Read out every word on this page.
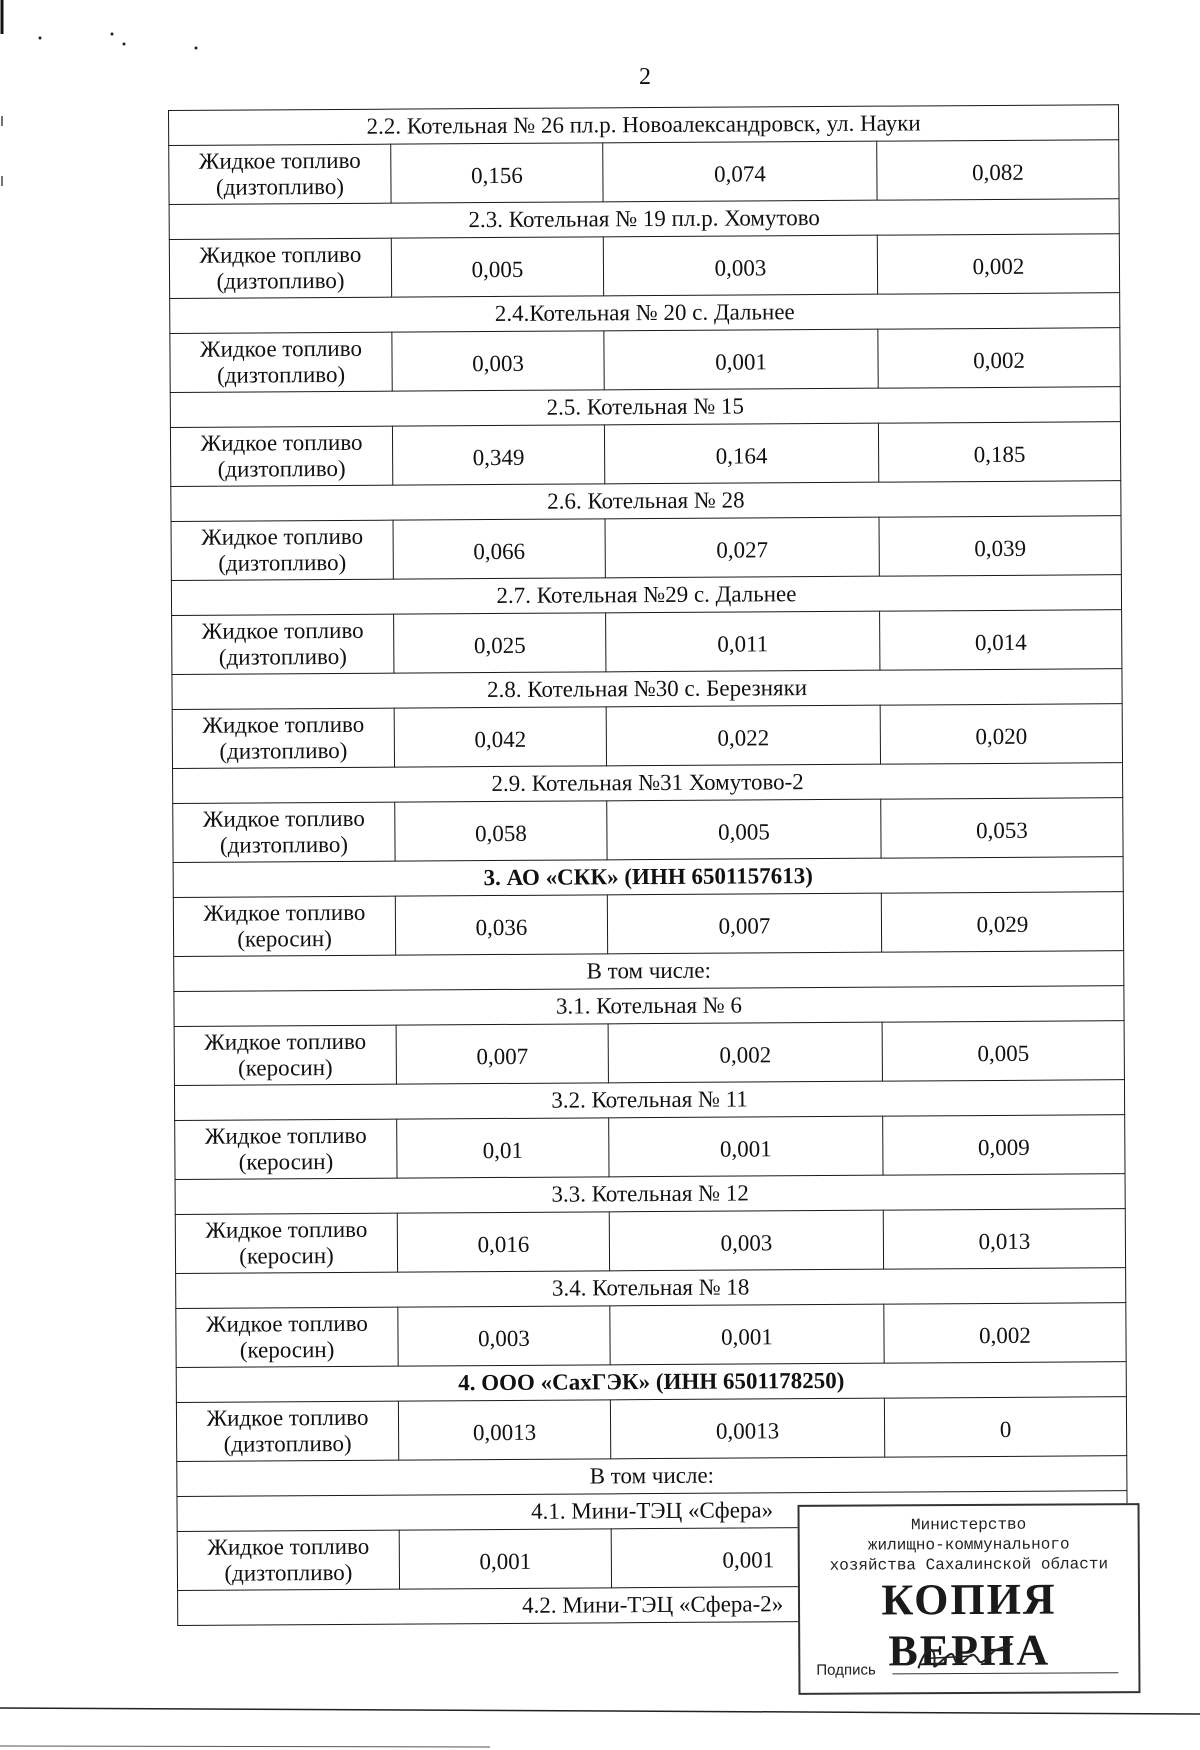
2
2.2. Котельная № 26 пл.р. Новоалександровск, ул. Науки			

Жидкое топливо
(дизтопливо)	0,156	0,074	0,082
2.3. Котельная № 19 пл.р. Хомутово			

Жидкое топливо
(дизтопливо)	0,005	0,003	0,002
2.4.Котельная № 20 с. Дальнее			

Жидкое топливо
(дизтопливо)	0,003	0,001	0,002
2.5. Котельная № 15			

Жидкое топливо
(дизтопливо)	0,349	0,164	0,185
2.6. Котельная № 28			

Жидкое топливо
(дизтопливо)	0,066	0,027	0,039
2.7. Котельная №29 с. Дальнее			

Жидкое топливо
(дизтопливо)	0,025	0,011	0,014
2.8. Котельная №30 с. Березняки			

Жидкое топливо
(дизтопливо)	0,042	0,022	0,020
2.9. Котельная №31 Хомутово-2			

Жидкое топливо
(дизтопливо)	0,058	0,005	0,053
3. АО «СКК» (ИНН 6501157613)			

Жидкое топливо
(керосин)	0,036	0,007	0,029
В том числе:			
3.1. Котельная № 6			

Жидкое топливо
(керосин)	0,007	0,002	0,005
3.2. Котельная № 11			

Жидкое топливо
(керосин)	0,01	0,001	0,009
3.3. Котельная № 12			

Жидкое топливо
(керосин)	0,016	0,003	0,013
3.4. Котельная № 18			

Жидкое топливо
(керосин)	0,003	0,001	0,002
4. ООО «СахГЭК» (ИНН 6501178250)			

Жидкое топливо
(дизтопливо)	0,0013	0,0013	0
В том числе:			
4.1. Мини-ТЭЦ «Сфера»			

Жидкое топливо
(дизтопливо)	0,001	0,001	
4.2. Мини-ТЭЦ «Сфера-2»			
Министерство
жилищно-коммунального
хозяйства Сахалинской области
КОПИЯ ВЕРНА
Подпись
